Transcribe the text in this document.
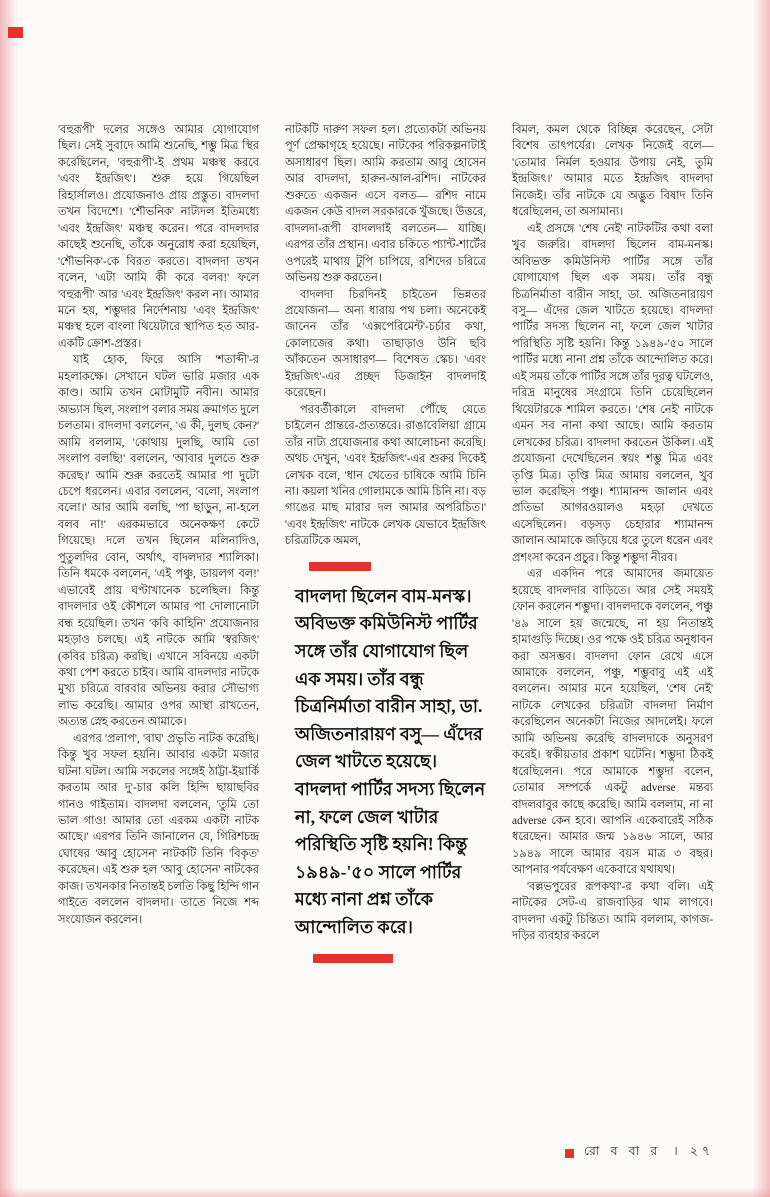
'বহুরূপী' দলের সঙ্গেও আমার যোগাযোগ ছিল। সেই সুবাদে আমি শুনেছি, শম্ভু মিত্র স্থির করেছিলেন, 'বহুরূপী'-ই প্রথম মঞ্চস্থ করবে 'এবং ইন্দ্রজিৎ'। শুরু হয়ে গিয়েছিল রিহার্সালও। প্রযোজনাও প্রায় প্রস্তুত। বাদলদা তখন বিদেশে। 'শৌভনিক' নাট্যদল ইতিমধ্যে 'এবং ইন্দ্রজিৎ' মঞ্চস্থ করেন। পরে বাদলদার কাছেই শুনেছি, তাঁকে অনুরোধ করা হয়েছিল, 'শৌভনিক'-কে বিরত করতে। বাদলদা তখন বলেন, 'এটা আমি কী করে বলব!' ফলে 'বহুরূপী' আর 'এবং ইন্দ্রজিৎ' করল না। আমার মনে হয়, শম্ভুদার নির্দেশনায় 'এবং ইন্দ্রজিৎ' মঞ্চস্থ হলে বাংলা থিয়েটারে স্থাপিত হত আর-একটি ক্রোশ-প্রস্তর।

যাই হোক, ফিরে আসি 'শতাব্দী'-র মহলাকক্ষে। সেখানে ঘটল ভারি মজার এক কাণ্ড। আমি তখন মোটামুটি নবীন। আমার অভ্যাস ছিল, সংলাপ বলার সময় ক্রমাগত দুলে চলতাম। বাদলদা বললেন, 'এ কী, দুলছ কেন?' আমি বললাম, 'কোথায় দুলছি, আমি তো সংলাপ বলছি!' বললেন, 'আবার দুলতে শুরু করেছ।' আমি শুরু করতেই আমার পা দুটো চেপে ধরলেন। এবার বললেন, 'বলো, সংলাপ বলো।' আর আমি বলছি, 'পা ছাড়ুন, না-হলে বলব না!' এরকমভাবে অনেকক্ষণ কেটে গিয়েছে। দলে তখন ছিলেন মলিনাদিও, পুতুলদির বোন, অর্থাৎ, বাদলদার শ্যালিকা। তিনি ধমকে বললেন, 'এই পঞ্চু, ডায়লগ বল!' এভাবেই প্রায় ঘণ্টাখানেক চলেছিল। কিন্তু বাদলদার ওই কৌশলে আমার পা দোলানোটা বন্ধ হয়েছিল। তখন 'কবি কাহিনি' প্রযোজনার মহড়াও চলছে। এই নাটকে আমি 'স্বরজিৎ' (কবির চরিত্র) করছি। এখানে সবিনয়ে একটা কথা পেশ করতে চাইব। আমি বাদলদার নাটকে মুখ্য চরিত্রে বারবার অভিনয় করার সৌভাগ্য লাভ করেছি। আমার ওপর আস্থা রাখতেন, অত্যন্ত স্নেহ করতেন আমাকে।

এরপর 'প্রলাপ', 'বাঘ' প্রভৃতি নাটক করেছি। কিন্তু খুব সফল হয়নি। আবার একটা মজার ঘটনা ঘটল। আমি সকলের সঙ্গেই ঠাট্টা-ইয়ার্কি করতাম আর দু'-চার কলি হিন্দি ছায়াছবির গানও গাইতাম। বাদলদা বললেন, 'তুমি তো ভাল গাও! আমার তো এরকম একটা নাটক আছে।' এরপর তিনি জানালেন যে, গিরিশচন্দ্র ঘোষের 'আবু হোসেন' নাটকটি তিনি 'বিকৃত' করেছেন। এই শুরু হল 'আবু হোসেন' নাটকের কাজ। তখনকার নিতান্তই চলতি কিছু হিন্দি গান গাইতে বললেন বাদলদা। তাতে নিজে শব্দ সংযোজন করলেন।

নাটকটি দারুণ সফল হল। প্রত্যেকটা অভিনয় পূর্ণ প্রেক্ষাগৃহে হয়েছে। নাটকের পরিকল্পনাটাই অসাধারণ ছিল। আমি করতাম আবু হোসেন আর বাদলদা, হারুন-আল-রশিদ। নাটকের শুরুতে একজন এসে বলত— রশিদ নামে একজন কেউ বাদল সরকারকে খুঁজছে। উত্তরে, বাদলদা-রূপী বাদলদাই বলতেন— যাচ্ছি। এরপর তাঁর প্রস্থান। এবার চকিতে প্যান্ট-শার্টের ওপরেই মাথায় টুপি চাপিয়ে, রশিদের চরিত্রে অভিনয় শুরু করতেন।

বাদলদা চিরদিনই চাইতেন ভিন্নতর প্রযোজনা— অন্য ধারায় পথ চলা। অনেকেই জানেন তাঁর 'এক্সপেরিমেন্ট'-চর্চার কথা, কোলাজের কথা। তাছাড়াও উনি ছবি আঁকতেন অসাধারণ— বিশেষত স্কেচ। 'এবং ইন্দ্রজিৎ'-এর প্রচ্ছদ ডিজাইন বাদলদাই করেছেন।

পরবর্তীকালে বাদলদা পৌঁছে যেতে চাইলেন প্রান্তরে-প্রত্যন্তরে। রাঙাবেলিয়া গ্রামে তাঁর নাট্য প্রযোজনার কথা আলোচনা করেছি। অথচ দেখুন, 'এবং ইন্দ্রজিৎ'-এর শুরুর দিকেই লেখক বলে, 'ধান খেতের চাষিকে আমি চিনি না। কয়লা খনির গোলামকে আমি চিনি না। বড় গাঙের মাছ মারার দল আমার অপরিচিত।' 'এবং ইন্দ্রজিৎ' নাটকে লেখক যেভাবে ইন্দ্রজিৎ চরিত্রটিকে অমল,

বাদলদা ছিলেন বাম-মনস্ক। অবিভক্ত কমিউনিস্ট পার্টির সঙ্গে তাঁর যোগাযোগ ছিল এক সময়। তাঁর বন্ধু চিত্রনির্মাতা বারীন সাহা, ডা. অজিতনারায়ণ বসু— এঁদের জেল খাটতে হয়েছে। বাদলদা পার্টির সদস্য ছিলেন না, ফলে জেল খাটার পরিস্থিতি সৃষ্টি হয়নি! কিন্তু ১৯৪৯-'৫০ সালে পার্টির মধ্যে নানা প্রশ্ন তাঁকে আন্দোলিত করে।

বিমল, কমল থেকে বিচ্ছিন্ন করেছেন, সেটা বিশেষ তাৎপর্যের। লেখক নিজেই বলে— 'তোমার নির্মল হওয়ার উপায় নেই, তুমি ইন্দ্রজিৎ।' আমার মতে ইন্দ্রজিৎ বাদলদা নিজেই। তাঁর নাটকে যে অদ্ভুত বিষাদ তিনি ধরেছিলেন, তা অসামান্য।

এই প্রসঙ্গে 'শেষ নেই' নাটকটির কথা বলা খুব জরুরি। বাদলদা ছিলেন বাম-মনস্ক। অবিভক্ত কমিউনিস্ট পার্টির সঙ্গে তাঁর যোগাযোগ ছিল এক সময়। তাঁর বন্ধু চিত্রনির্মাতা বারীন সাহা, ডা. অজিতনারায়ণ বসু— এঁদের জেল খাটতে হয়েছে। বাদলদা পার্টির সদস্য ছিলেন না, ফলে জেল খাটার পরিস্থিতি সৃষ্টি হয়নি। কিন্তু ১৯৪৯-'৫০ সালে পার্টির মধ্যে নানা প্রশ্ন তাঁকে আন্দোলিত করে। এই সময় তাঁকে পার্টির সঙ্গে তাঁর দূরত্ব ঘটলেও, দরিদ্র মানুষের সংগ্রামে তিনি চেয়েছিলেন থিয়েটারকে শামিল করতে। 'শেষ নেই' নাটকে এমন সব নানা কথা আছে। আমি করতাম লেখকের চরিত্র। বাদলদা করতেন উকিল। এই প্রযোজনা দেখেছিলেন স্বয়ং শম্ভু মিত্র এবং তৃপ্তি মিত্র। তৃপ্তি মিত্র আমায় বললেন, খুব ভাল করেছিস পঞ্চু। শ্যামানন্দ জালান এবং প্রতিভা আগরওয়ালও মহড়া দেখতে এসেছিলেন। বড়সড় চেহারার শ্যামানন্দ জালান আমাকে জড়িয়ে ধরে তুলে ধরেন এবং প্রশংসা করেন প্রচুর। কিন্তু শম্ভুদা নীরব।

এর একদিন পরে আমাদের জমায়েত হয়েছে বাদলদার বাড়িতে। আর সেই সময়ই ফোন করলেন শম্ভুদা। বাদলদাকে বললেন, পঞ্চু '৪৯ সালে হয় জন্মেছে, না হয় নিতান্তই হামাগুড়ি দিচ্ছে। ওর পক্ষে ওই চরিত্র অনুধাবন করা অসম্ভব। বাদলদা ফোন রেখে এসে আমাকে বললেন, পঞ্চু, শম্ভুবাবু এই এই বললেন। আমার মনে হয়েছিল, 'শেষ নেই' নাটকে লেখকের চরিত্রটা বাদলদা নির্মাণ করেছিলেন অনেকটা নিজের আদলেই। ফলে আমি অভিনয় করেছি বাদলদাকে অনুসরণ করেই। স্বকীয়তার প্রকাশ ঘটেনি। শম্ভুদা ঠিকই ধরেছিলেন। পরে আমাকে শম্ভুদা বলেন, তোমার সম্পর্কে একটু adverse মন্তব্য বাদলবাবুর কাছে করেছি। আমি বললাম, না না adverse কেন হবে। আপনি একেবারেই সঠিক ধরেছেন। আমার জন্ম ১৯৪৬ সালে, আর ১৯৪৯ সালে আমার বয়স মাত্র ৩ বছর। আপনার পর্যবেক্ষণ একেবারে যথাযথ।

'বল্লভপুরের রূপকথা'-র কথা বলি। এই নাটকের সেট-এ রাজবাড়ির থাম লাগবে। বাদলদা একটু চিন্তিত। আমি বললাম, কাগজ-দড়ির ব্যবহার করলে

রো ব বা র । ২৭
